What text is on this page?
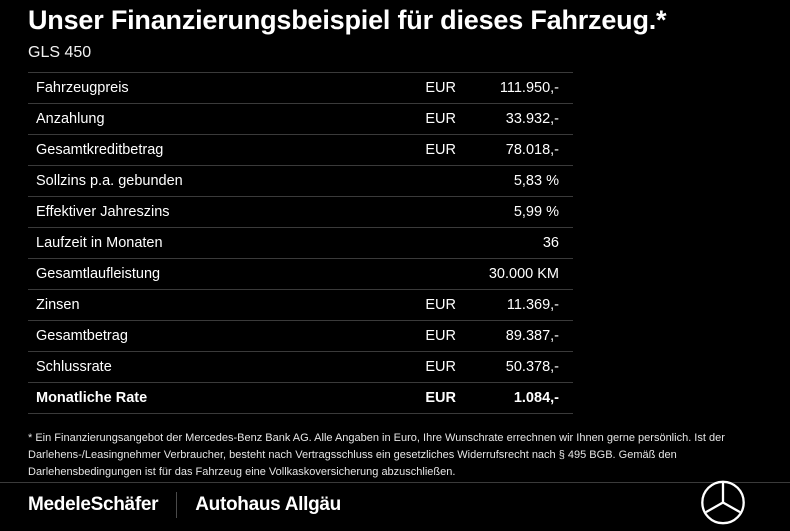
Unser Finanzierungsbeispiel für dieses Fahrzeug.*
GLS 450
Fahrzeugpreis	EUR	111.950,-
Anzahlung	EUR	33.932,-
Gesamtkreditbetrag	EUR	78.018,-
Sollzins p.a. gebunden		5,83 %
Effektiver Jahreszins		5,99 %
Laufzeit in Monaten		36
Gesamtlaufleistung		30.000 KM
Zinsen	EUR	11.369,-
Gesamtbetrag	EUR	89.387,-
Schlussrate	EUR	50.378,-
Monatliche Rate	EUR	1.084,-
* Ein Finanzierungsangebot der Mercedes-Benz Bank AG. Alle Angaben in Euro, Ihre Wunschrate errechnen wir Ihnen gerne persönlich. Ist der Darlehens-/Leasingnehmer Verbraucher, besteht nach Vertragsschluss ein gesetzliches Widerrufsrecht nach § 495 BGB. Gemäß den Darlehensbedingungen ist für das Fahrzeug eine Vollkaskoversicherung abzuschließen.
MedeleSchäfer Autohaus Allgäu
